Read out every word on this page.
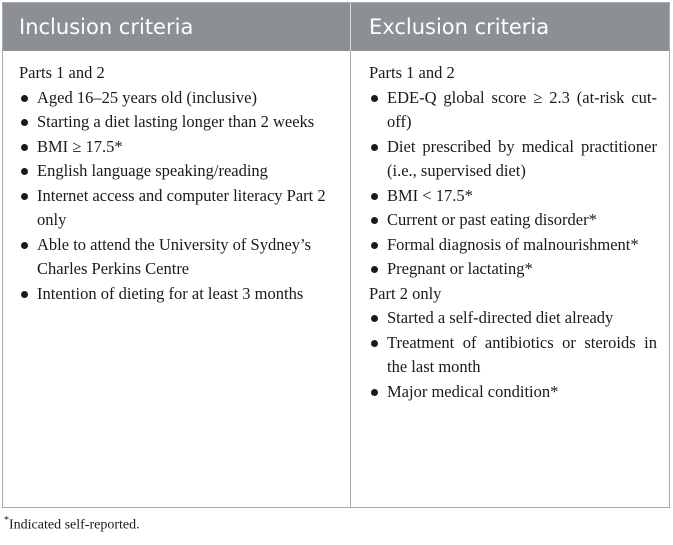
Inclusion criteria	Exclusion criteria
Parts 1 and 2
Aged 16–25 years old (inclusive)
Starting a diet lasting longer than 2 weeks
BMI ≥ 17.5*
English language speaking/reading
Internet access and computer literacy Part 2 only
Able to attend the University of Sydney’s Charles Perkins Centre
Intention of dieting for at least 3 months
Parts 1 and 2
EDE-Q global score ≥ 2.3 (at-risk cut-off)
Diet prescribed by medical practitioner (i.e., supervised diet)
BMI < 17.5*
Current or past eating disorder*
Formal diagnosis of malnourishment*
Pregnant or lactating*
Part 2 only
Started a self-directed diet already
Treatment of antibiotics or steroids in the last month
Major medical condition*
*Indicated self-reported.
